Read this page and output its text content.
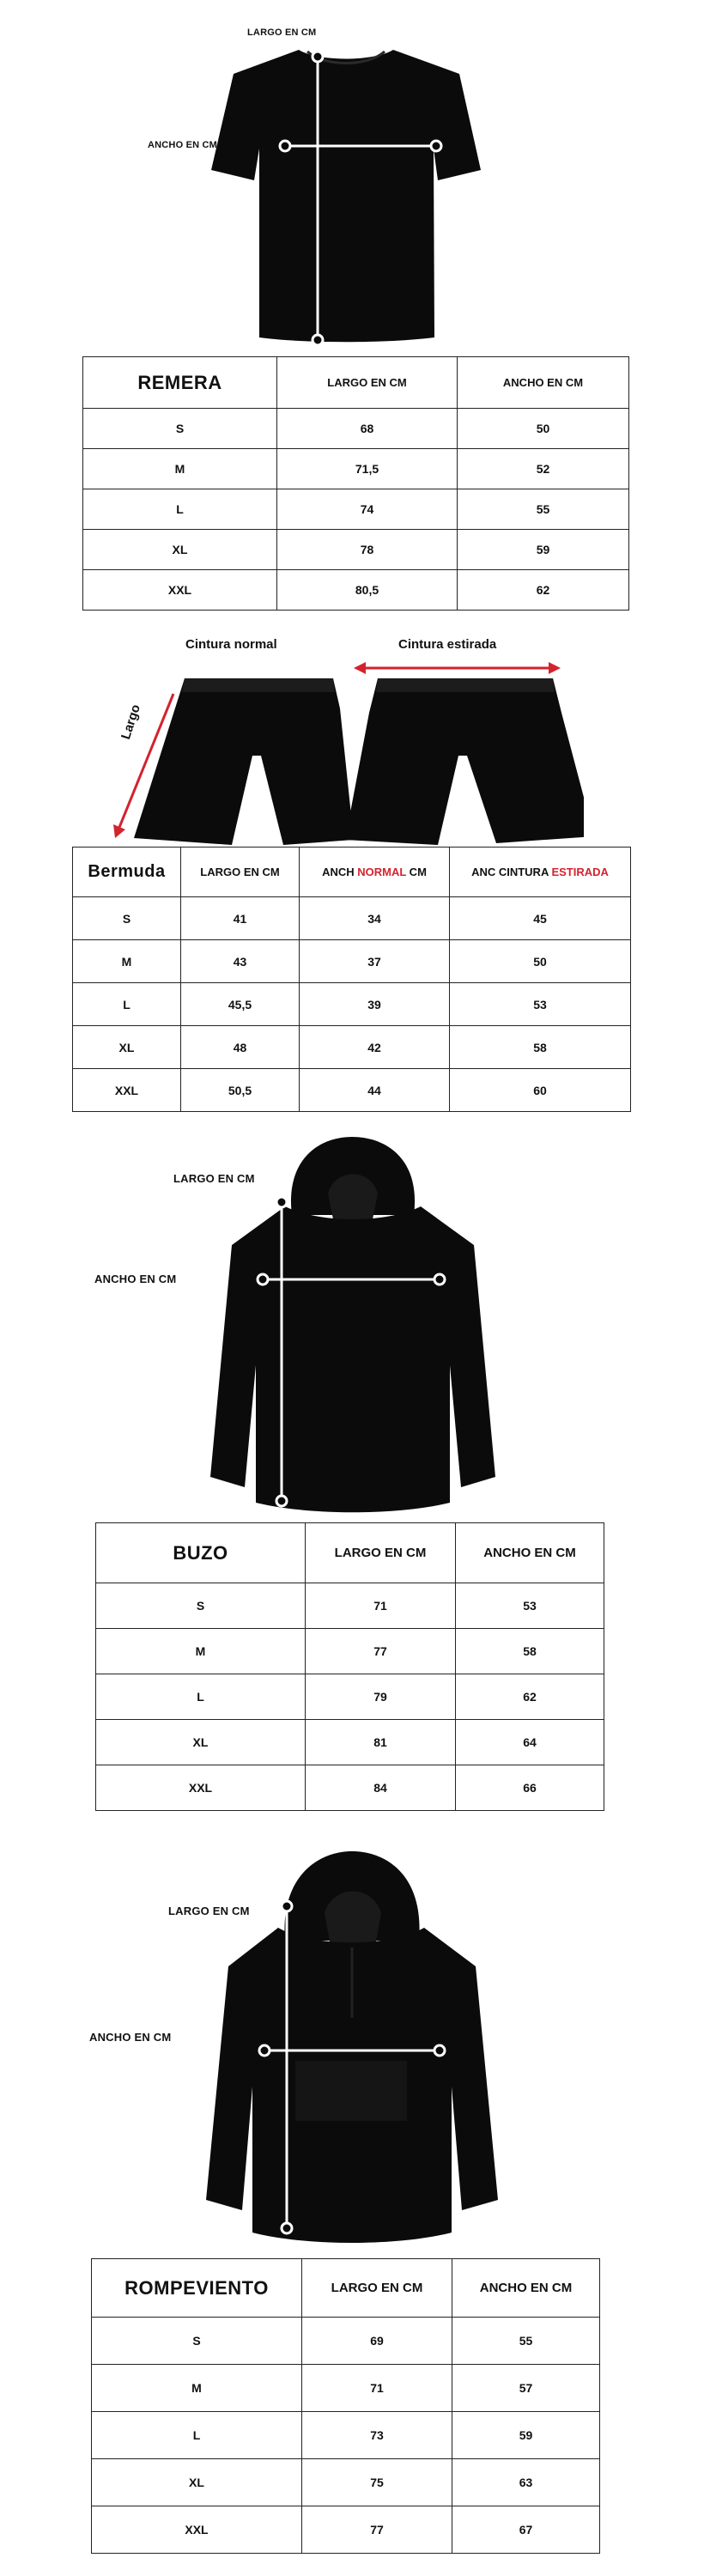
LARGO EN CM
ANCHO EN CM
REMERA	LARGO EN CM	ANCHO EN CM
S	68	50
M	71,5	52
L	74	55
XL	78	59
XXL	80,5	62
Cintura normal	Cintura estirada
Largo
Bermuda	LARGO EN CM	ANCH NORMAL CM	ANC CINTURA ESTIRADA
S	41	34	45
M	43	37	50
L	45,5	39	53
XL	48	42	58
XXL	50,5	44	60
LARGO EN CM
ANCHO EN CM
BUZO	LARGO EN CM	ANCHO EN CM
S	71	53
M	77	58
L	79	62
XL	81	64
XXL	84	66
LARGO EN CM
ANCHO EN CM
ROMPEVIENTO	LARGO EN CM	ANCHO EN CM
S	69	55
M	71	57
L	73	59
XL	75	63
XXL	77	67
